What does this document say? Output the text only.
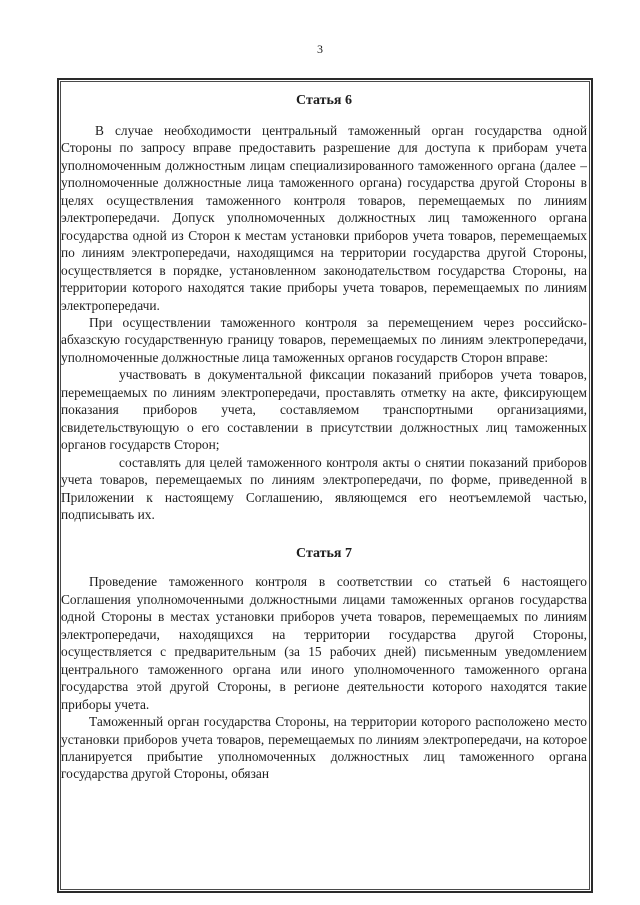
3
Статья 6

В случае необходимости центральный таможенный орган государства одной Стороны по запросу вправе предоставить разрешение для доступа к приборам учета уполномоченным должностным лицам специализированного таможенного органа (далее – уполномоченные должностные лица таможенного органа) государства другой Стороны в целях осуществления таможенного контроля товаров, перемещаемых по линиям электропередачи. Допуск уполномоченных должностных лиц таможенного органа государства одной из Сторон к местам установки приборов учета товаров, перемещаемых по линиям электропередачи, находящимся на территории государства другой Стороны, осуществляется в порядке, установленном законодательством государства Стороны, на территории которого находятся такие приборы учета товаров, перемещаемых по линиям электропередачи.

При осуществлении таможенного контроля за перемещением через российско-абхазскую государственную границу товаров, перемещаемых по линиям электропередачи, уполномоченные должностные лица таможенных органов государств Сторон вправе:

участвовать в документальной фиксации показаний приборов учета товаров, перемещаемых по линиям электропередачи, проставлять отметку на акте, фиксирующем показания приборов учета, составляемом транспортными организациями, свидетельствующую о его составлении в присутствии должностных лиц таможенных органов государств Сторон;

составлять для целей таможенного контроля акты о снятии показаний приборов учета товаров, перемещаемых по линиям электропередачи, по форме, приведенной в Приложении к настоящему Соглашению, являющемся его неотъемлемой частью, подписывать их.

Статья 7

Проведение таможенного контроля в соответствии со статьей 6 настоящего Соглашения уполномоченными должностными лицами таможенных органов государства одной Стороны в местах установки приборов учета товаров, перемещаемых по линиям электропередачи, находящихся на территории государства другой Стороны, осуществляется с предварительным (за 15 рабочих дней) письменным уведомлением центрального таможенного органа или иного уполномоченного таможенного органа государства этой другой Стороны, в регионе деятельности которого находятся такие приборы учета.

Таможенный орган государства Стороны, на территории которого расположено место установки приборов учета товаров, перемещаемых по линиям электропередачи, на которое планируется прибытие уполномоченных должностных лиц таможенного органа государства другой Стороны, обязан
